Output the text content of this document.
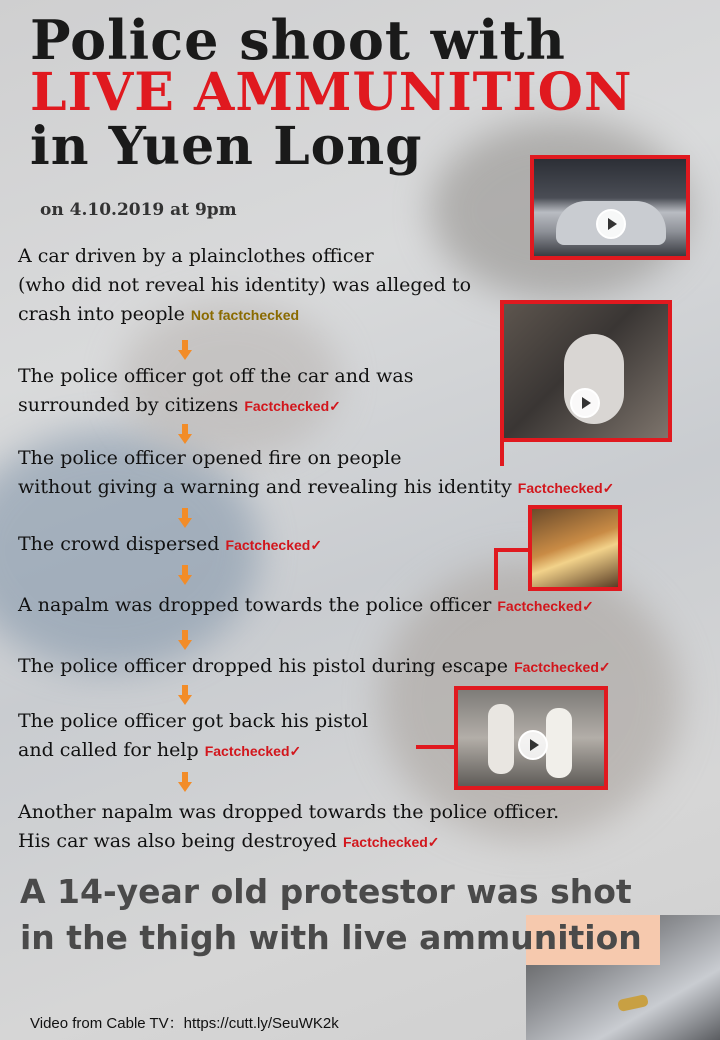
Police shoot with
LIVE AMMUNITION
in Yuen Long
on 4.10.2019 at 9pm
A car driven by a plainclothes officer
(who did not reveal his identity) was alleged to
crash into people Not factchecked
The police officer got off the car and was
surrounded by citizens Factchecked✓
The police officer opened fire on people
without giving a warning and revealing his identity Factchecked✓
The crowd dispersed Factchecked✓
A napalm was dropped towards the police officer Factchecked✓
The police officer dropped his pistol during escape Factchecked✓
The police officer got back his pistol
and called for help Factchecked✓
Another napalm was dropped towards the police officer.
His car was also being destroyed Factchecked✓
A 14-year old protestor was shot
in the thigh with live ammunition
Video from Cable TV：https://cutt.ly/SeuWK2k
